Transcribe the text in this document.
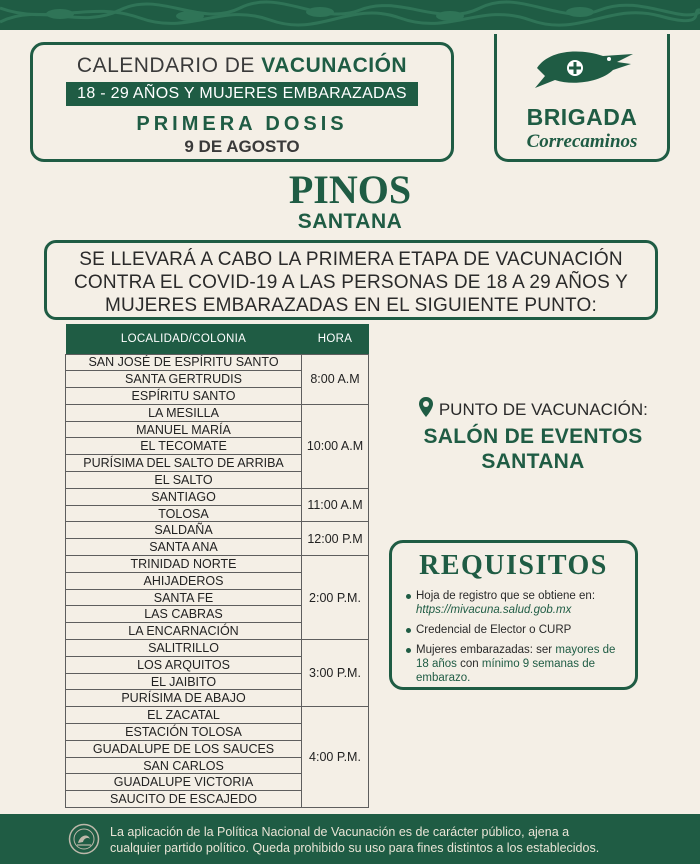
CALENDARIO DE VACUNACIÓN
18 - 29 AÑOS Y MUJERES EMBARAZADAS
PRIMERA DOSIS
9 DE AGOSTO
BRIGADA
Correcaminos
PINOS
SANTANA
SE LLEVARÁ A CABO LA PRIMERA ETAPA DE VACUNACIÓN
CONTRA EL COVID-19 A LAS PERSONAS DE 18 A 29 AÑOS Y
MUJERES EMBARAZADAS EN EL SIGUIENTE PUNTO:
LOCALIDAD/COLONIA	HORA
SAN JOSÉ DE ESPÍRITU SANTO	8:00 A.M
SANTA GERTRUDIS	
ESPÍRITU SANTO	
LA MESILLA	10:00 A.M
MANUEL MARÍA	
EL TECOMATE	
PURÍSIMA DEL SALTO DE ARRIBA	
EL SALTO	
SANTIAGO	11:00 A.M
TOLOSA	
SALDAÑA	12:00 P.M
SANTA ANA	
TRINIDAD NORTE	2:00 P.M.
AHIJADEROS	
SANTA FE	
LAS CABRAS	
LA ENCARNACIÓN	
SALITRILLO	3:00 P.M.
LOS ARQUITOS	
EL JAIBITO	
PURÍSIMA DE ABAJO	
EL ZACATAL	4:00 P.M.
ESTACIÓN TOLOSA	
GUADALUPE DE LOS SAUCES	
SAN CARLOS	
GUADALUPE VICTORIA	
SAUCITO DE ESCAJEDO	
PUNTO DE VACUNACIÓN:
SALÓN DE EVENTOS
SANTANA
REQUISITOS
Hoja de registro que se obtiene en: https://mivacuna.salud.gob.mx
Credencial de Elector o CURP
Mujeres embarazadas: ser mayores de 18 años con mínimo 9 semanas de embarazo.
La aplicación de la Política Nacional de Vacunación es de carácter público, ajena a
cualquier partido político. Queda prohibido su uso para fines distintos a los establecidos.
